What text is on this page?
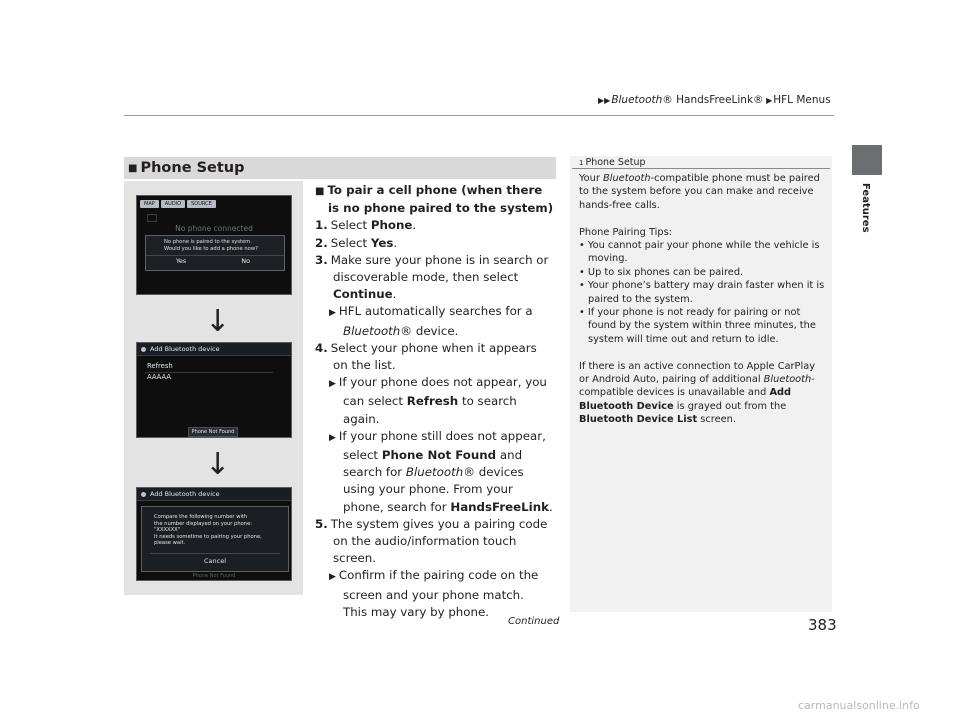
▶▶Bluetooth® HandsFreeLink® ▶HFL Menus
Features
■ Phone Setup
MAP	AUDIO	SOURCE
No phone connected
No phone is paired to the system.
Would you like to add a phone now?
Yes	No
↓
Add Bluetooth device
Refresh
AAAAA
Phone Not Found
↓
Add Bluetooth device
Compare the following number with
the number displayed on your phone:
"XXXXXX"
It needs sometime to pairing your phone,
please wait.
Cancel
Phone Not Found
■ To pair a cell phone (when there is no phone paired to the system)
1. Select Phone.
2. Select Yes.
3. Make sure your phone is in search or discoverable mode, then select Continue.
▶ HFL automatically searches for a Bluetooth® device.
4. Select your phone when it appears on the list.
▶ If your phone does not appear, you can select Refresh to search again.
▶ If your phone still does not appear, select Phone Not Found and search for Bluetooth® devices using your phone. From your phone, search for HandsFreeLink.
5. The system gives you a pairing code on the audio/information touch screen.
▶ Confirm if the pairing code on the screen and your phone match.
This may vary by phone.
1 Phone Setup

Your Bluetooth-compatible phone must be paired to the system before you can make and receive hands-free calls.

Phone Pairing Tips:

• You cannot pair your phone while the vehicle is moving.

• Up to six phones can be paired.

• Your phone’s battery may drain faster when it is paired to the system.

• If your phone is not ready for pairing or not found by the system within three minutes, the system will time out and return to idle.

If there is an active connection to Apple CarPlay or Android Auto, pairing of additional Bluetooth-compatible devices is unavailable and Add Bluetooth Device is grayed out from the Bluetooth Device List screen.

Continued	383
carmanualsonline.info
